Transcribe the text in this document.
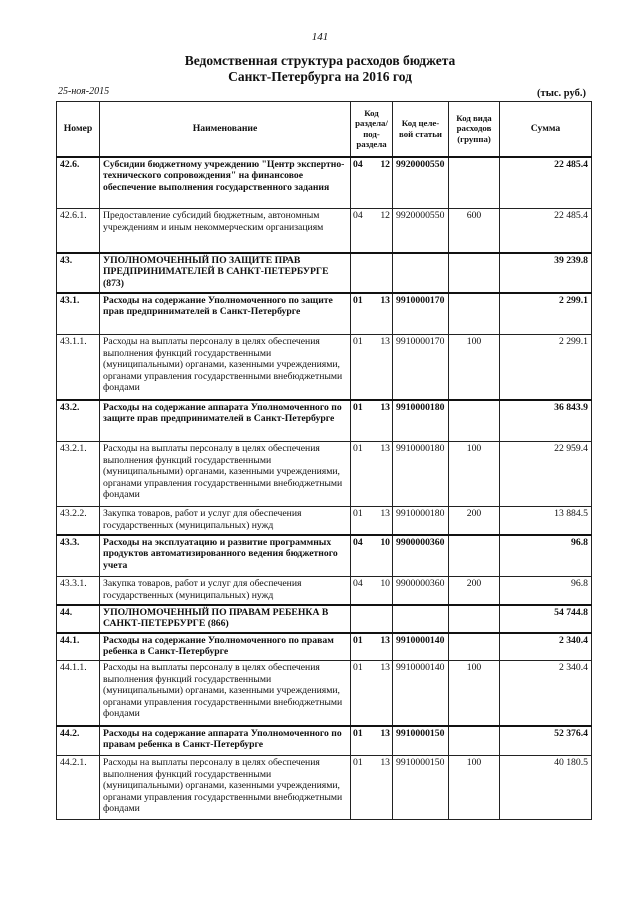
141
Ведомственная структура расходов бюджета
Санкт-Петербурга на 2016 год
25-ноя-2015	(тыс. руб.)
Номер	Наименование	Код раздела/ под-раздела	Код целе-вой статьи	Код вида расходов (группа)	Сумма
42.6.	Субсидии бюджетному учреждению "Центр экспертно-технического сопровождения" на финансовое обеспечение выполнения государственного задания	04 12	9920000550		22 485.4
42.6.1.	Предоставление субсидий бюджетным, автономным учреждениям и иным некоммерческим организациям	04 12	9920000550	600	22 485.4
43.	УПОЛНОМОЧЕННЫЙ ПО ЗАЩИТЕ ПРАВ ПРЕДПРИНИМАТЕЛЕЙ В САНКТ-ПЕТЕРБУРГЕ (873)				39 239.8
43.1.	Расходы на содержание Уполномоченного по защите прав предпринимателей в Санкт-Петербурге	01 13	9910000170		2 299.1
43.1.1.	Расходы на выплаты персоналу в целях обеспечения выполнения функций государственными (муниципальными) органами, казенными учреждениями, органами управления государственными внебюджетными фондами	01 13	9910000170	100	2 299.1
43.2.	Расходы на содержание аппарата Уполномоченного по защите прав предпринимателей в Санкт-Петербурге	01 13	9910000180		36 843.9
43.2.1.	Расходы на выплаты персоналу в целях обеспечения выполнения функций государственными (муниципальными) органами, казенными учреждениями, органами управления государственными внебюджетными фондами	01 13	9910000180	100	22 959.4
43.2.2.	Закупка товаров, работ и услуг для обеспечения государственных (муниципальных) нужд	01 13	9910000180	200	13 884.5
43.3.	Расходы на эксплуатацию и развитие программных продуктов автоматизированного ведения бюджетного учета	04 10	9900000360		96.8
43.3.1.	Закупка товаров, работ и услуг для обеспечения государственных (муниципальных) нужд	04 10	9900000360	200	96.8
44.	УПОЛНОМОЧЕННЫЙ ПО ПРАВАМ РЕБЕНКА В САНКТ-ПЕТЕРБУРГЕ (866)				54 744.8
44.1.	Расходы на содержание Уполномоченного по правам ребенка в Санкт-Петербурге	01 13	9910000140		2 340.4
44.1.1.	Расходы на выплаты персоналу в целях обеспечения выполнения функций государственными (муниципальными) органами, казенными учреждениями, органами управления государственными внебюджетными фондами	01 13	9910000140	100	2 340.4
44.2.	Расходы на содержание аппарата Уполномоченного по правам ребенка в Санкт-Петербурге	01 13	9910000150		52 376.4
44.2.1.	Расходы на выплаты персоналу в целях обеспечения выполнения функций государственными (муниципальными) органами, казенными учреждениями, органами управления государственными внебюджетными фондами	01 13	9910000150	100	40 180.5
